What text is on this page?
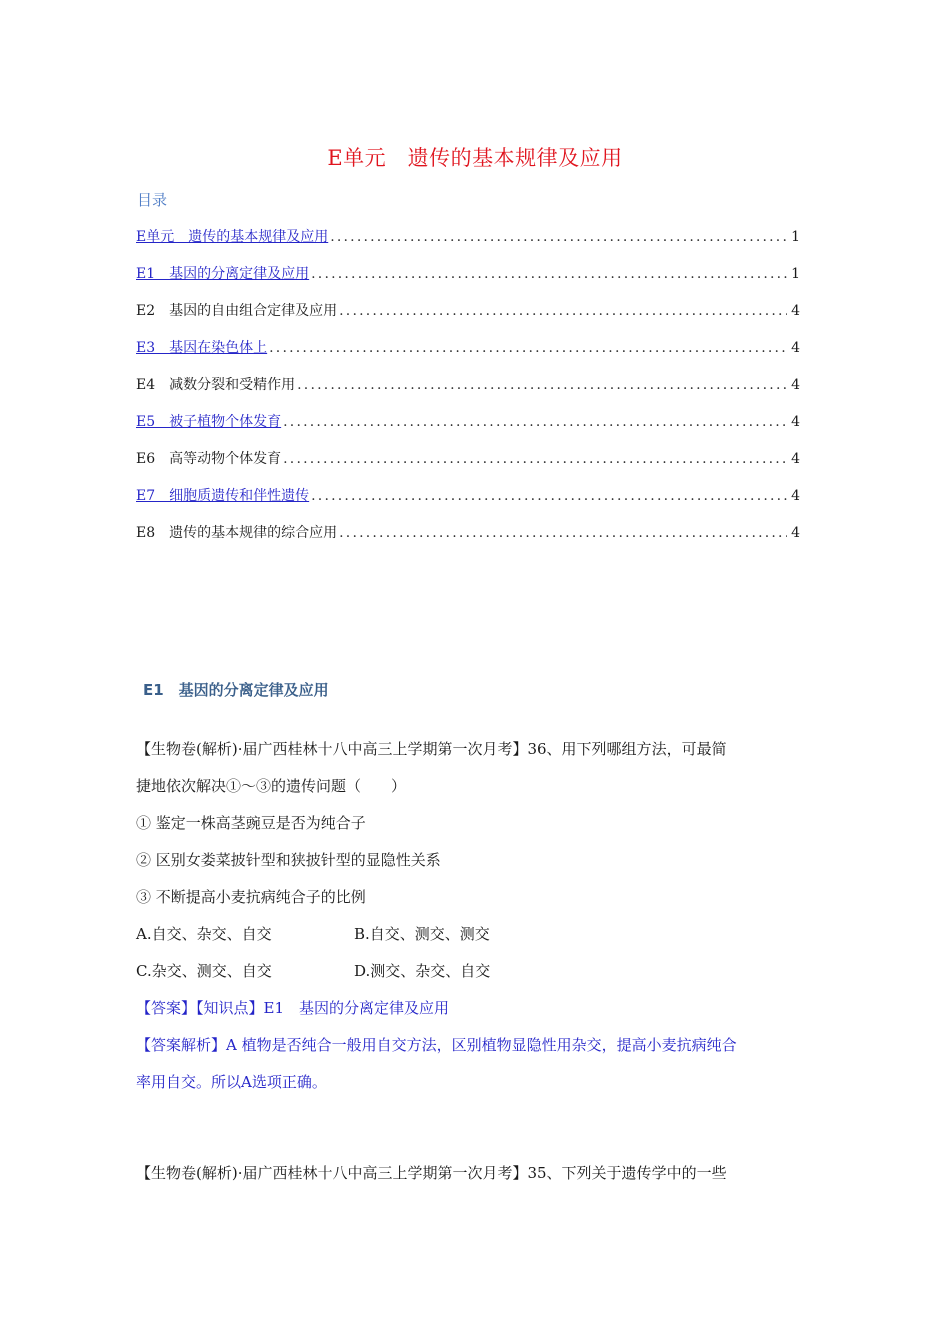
E单元　遗传的基本规律及应用
目录
E单元　遗传的基本规律及应用 .....	1
E1　基因的分离定律及应用 .....	1
E2　基因的自由组合定律及应用 .....	4
E3　基因在染色体上 .....	4
E4　减数分裂和受精作用 .....	4
E5　被子植物个体发育 .....	4
E6　高等动物个体发育 .....	4
E7　细胞质遗传和伴性遗传 .....	4
E8　遗传的基本规律的综合应用 .....	4
E1　基因的分离定律及应用
【生物卷(解析)·届广西桂林十八中高三上学期第一次月考】36、用下列哪组方法，可最简
捷地依次解决①～③的遗传问题（　　）
① 鉴定一株高茎豌豆是否为纯合子
② 区别女娄菜披针型和狭披针型的显隐性关系
③ 不断提高小麦抗病纯合子的比例
A.自交、杂交、自交	B.自交、测交、测交
C.杂交、测交、自交	D.测交、杂交、自交
【答案】【知识点】E1　基因的分离定律及应用
【答案解析】A 植物是否纯合一般用自交方法，区别植物显隐性用杂交，提高小麦抗病纯合
率用自交。所以A选项正确。
【生物卷(解析)·届广西桂林十八中高三上学期第一次月考】35、下列关于遗传学中的一些
